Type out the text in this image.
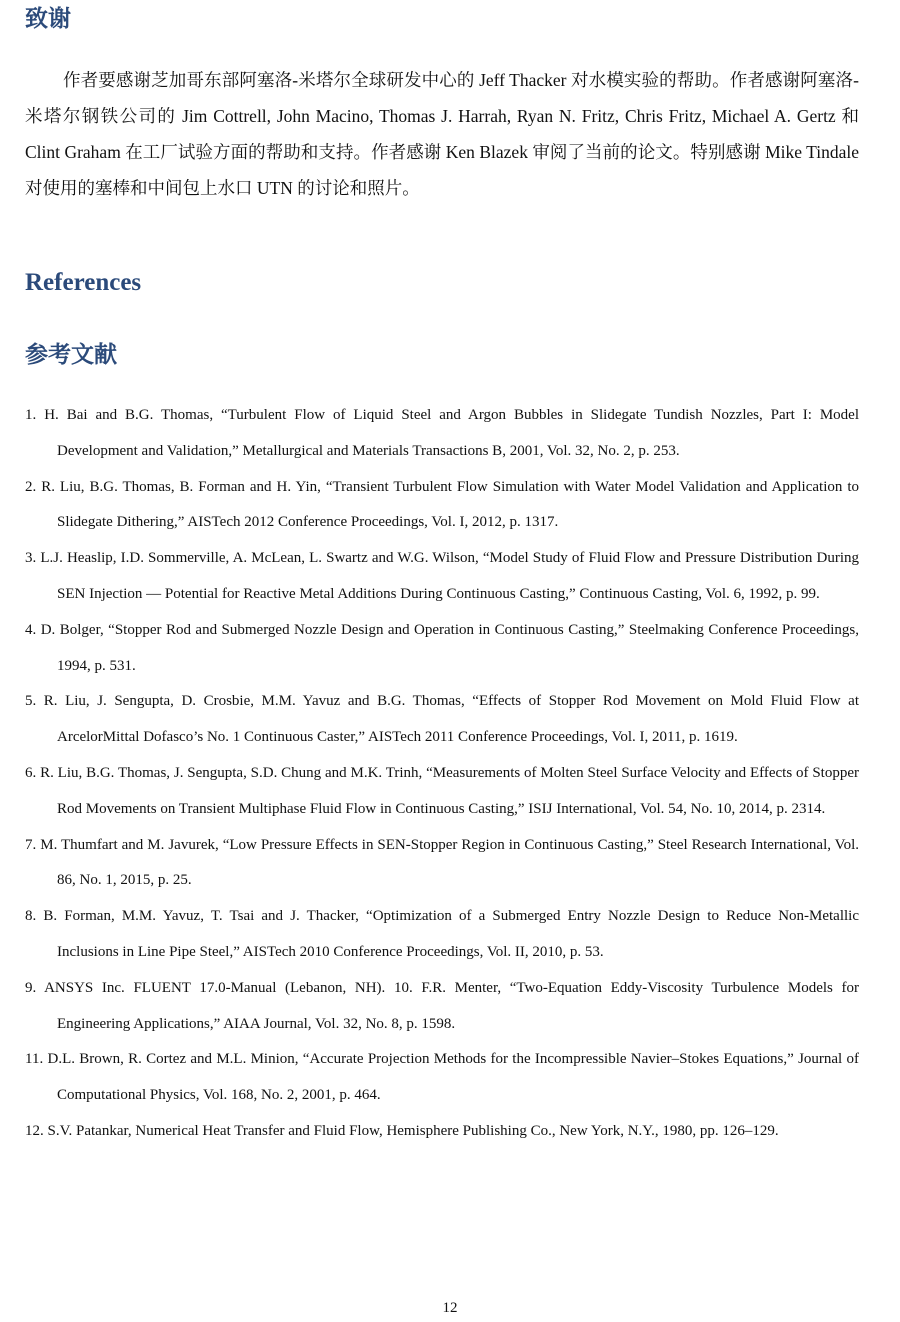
致谢

作者要感谢芝加哥东部阿塞洛-米塔尔全球研发中心的 Jeff Thacker 对水模实验的帮助。作者感谢阿塞洛-米塔尔钢铁公司的 Jim Cottrell, John Macino, Thomas J. Harrah, Ryan N. Fritz, Chris Fritz, Michael A. Gertz 和 Clint Graham 在工厂试验方面的帮助和支持。作者感谢 Ken Blazek 审阅了当前的论文。特别感谢 Mike Tindale 对使用的塞棒和中间包上水口 UTN 的讨论和照片。

References
参考文献
1. H. Bai and B.G. Thomas, “Turbulent Flow of Liquid Steel and Argon Bubbles in Slidegate Tundish Nozzles, Part I: Model Development and Validation,” Metallurgical and Materials Transactions B, 2001, Vol. 32, No. 2, p. 253.
2. R. Liu, B.G. Thomas, B. Forman and H. Yin, “Transient Turbulent Flow Simulation with Water Model Validation and Application to Slidegate Dithering,” AISTech 2012 Conference Proceedings, Vol. I, 2012, p. 1317.
3. L.J. Heaslip, I.D. Sommerville, A. McLean, L. Swartz and W.G. Wilson, “Model Study of Fluid Flow and Pressure Distribution During SEN Injection — Potential for Reactive Metal Additions During Continuous Casting,” Continuous Casting, Vol. 6, 1992, p. 99.
4. D. Bolger, “Stopper Rod and Submerged Nozzle Design and Operation in Continuous Casting,” Steelmaking Conference Proceedings, 1994, p. 531.
5. R. Liu, J. Sengupta, D. Crosbie, M.M. Yavuz and B.G. Thomas, “Effects of Stopper Rod Movement on Mold Fluid Flow at ArcelorMittal Dofasco’s No. 1 Continuous Caster,” AISTech 2011 Conference Proceedings, Vol. I, 2011, p. 1619.
6. R. Liu, B.G. Thomas, J. Sengupta, S.D. Chung and M.K. Trinh, “Measurements of Molten Steel Surface Velocity and Effects of Stopper Rod Movements on Transient Multiphase Fluid Flow in Continuous Casting,” ISIJ International, Vol. 54, No. 10, 2014, p. 2314.
7. M. Thumfart and M. Javurek, “Low Pressure Effects in SEN-Stopper Region in Continuous Casting,” Steel Research International, Vol. 86, No. 1, 2015, p. 25.
8. B. Forman, M.M. Yavuz, T. Tsai and J. Thacker, “Optimization of a Submerged Entry Nozzle Design to Reduce Non-Metallic Inclusions in Line Pipe Steel,” AISTech 2010 Conference Proceedings, Vol. II, 2010, p. 53.
9. ANSYS Inc. FLUENT 17.0-Manual (Lebanon, NH). 10. F.R. Menter, “Two-Equation Eddy-Viscosity Turbulence Models for Engineering Applications,” AIAA Journal, Vol. 32, No. 8, p. 1598.
11. D.L. Brown, R. Cortez and M.L. Minion, “Accurate Projection Methods for the Incompressible Navier–Stokes Equations,” Journal of Computational Physics, Vol. 168, No. 2, 2001, p. 464.
12. S.V. Patankar, Numerical Heat Transfer and Fluid Flow, Hemisphere Publishing Co., New York, N.Y., 1980, pp. 126–129.
12
